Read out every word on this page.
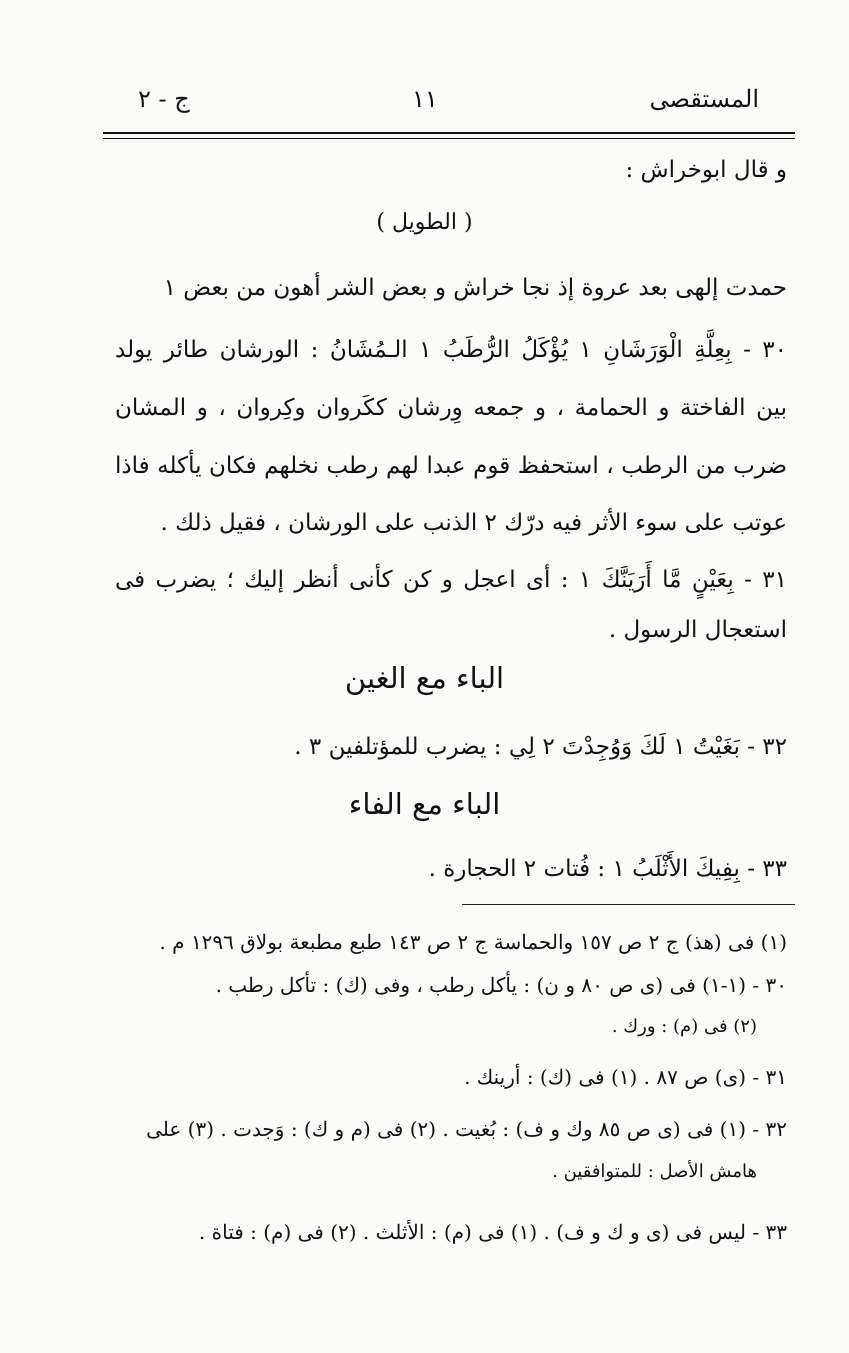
المستقصى
١١
ج - ٢
و قال ابوخراش :
( الطويل )
حمدت إلهى بعد عروة إذ نجا خراش و بعض الشر أهون من بعض ١
٣٠ - بِعِلَّةِ الْوَرَشَانِ ١ يُؤْكَلُ الرُّطَبُ ١ الـمُشَانُ : الورشان طائر يولد
بين الفاختة و الحمامة ، و جمعه وِرشان ككَروان وكِروان ، و المشان
ضرب من الرطب ، استحفظ قوم عبدا لهم رطب نخلهم فكان يأكله فاذا
عوتب على سوء الأثر فيه درّك ٢ الذنب على الورشان ، فقيل ذلك .
٣١ - بِعَيْنٍ مَّا أَرَيَنَّكَ ١ : أى اعجل و كن كأنى أنظر إليك ؛ يضرب فى
استعجال الرسول .
الباء مع الغين
٣٢ - بَغَيْتُ ١ لَكَ وَوُجِدْتَ ٢ لِي : يضرب للمؤتلفين ٣ .
الباء مع الفاء
٣٣ - بِفِيكَ الأَثْلَبُ ١ : فُتات ٢ الحجارة .
(١) فى (هذ) ج ٢ ص ١٥٧ والحماسة ج ٢ ص ١٤٣ طبع مطبعة بولاق ١٢٩٦ م .
٣٠ - (١-١) فى (ى ص ٨٠ و ن) : يأكل رطب ، وفى (ك) : تأكل رطب .
(٢) فى (م) : ورك .
٣١ - (ى) ص ٨٧ . (١) فى (ك) : أرينك .
٣٢ - (١) فى (ى ص ٨٥ وك و ف) : بُغيت . (٢) فى (م و ك) : وَجدت . (٣) على
هامش الأصل : للمتوافقين .
٣٣ - ليس فى (ى و ك و ف) . (١) فى (م) : الأثلث . (٢) فى (م) : فتاة .
